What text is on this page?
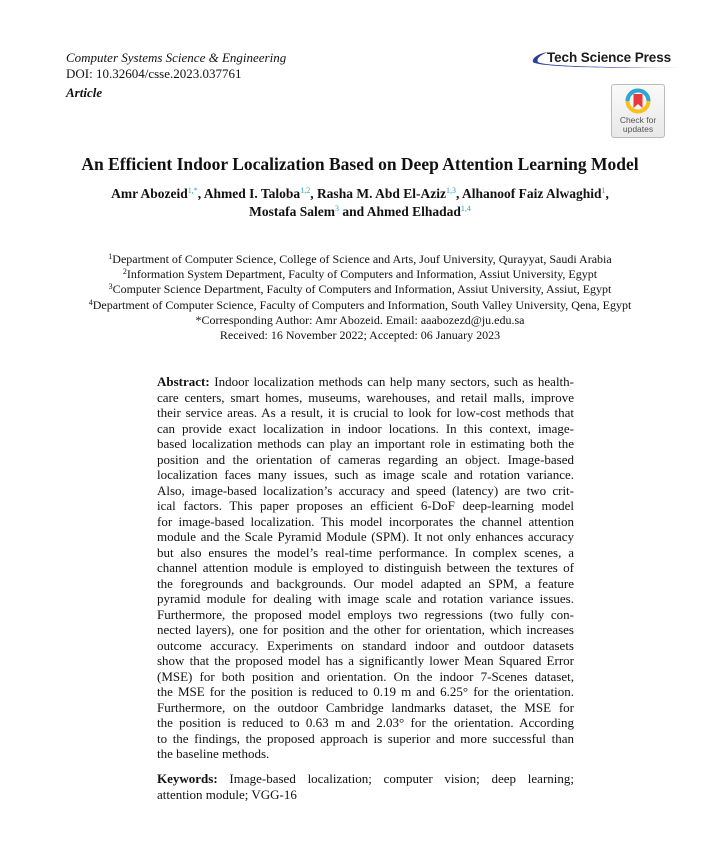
Computer Systems Science & Engineering
DOI: 10.32604/csse.2023.037761
Article
Tech Science Press
Check for
updates
An Efficient Indoor Localization Based on Deep Attention Learning Model
Amr Abozeid$^{1,*}$, Ahmed I. Taloba$^{1,2}$, Rasha M. Abd El-Aziz$^{1,3}$, Alhanoof Faiz Alwaghid$^1$,
Mostafa Salem$^3$ and Ahmed Elhadad$^{1,4}$
$^1$Department of Computer Science, College of Science and Arts, Jouf University, Qurayyat, Saudi Arabia
$^2$Information System Department, Faculty of Computers and Information, Assiut University, Egypt
$^3$Computer Science Department, Faculty of Computers and Information, Assiut University, Assiut, Egypt
$^4$Department of Computer Science, Faculty of Computers and Information, South Valley University, Qena, Egypt
*Corresponding Author: Amr Abozeid. Email: aaabozezd@ju.edu.sa
Received: 16 November 2022; Accepted: 06 January 2023
Abstract: Indoor localization methods can help many sectors, such as health-
care centers, smart homes, museums, warehouses, and retail malls, improve
their service areas. As a result, it is crucial to look for low-cost methods that
can provide exact localization in indoor locations. In this context, image-
based localization methods can play an important role in estimating both the
position and the orientation of cameras regarding an object. Image-based
localization faces many issues, such as image scale and rotation variance.
Also, image-based localization’s accuracy and speed (latency) are two crit-
ical factors. This paper proposes an efficient 6-DoF deep-learning model
for image-based localization. This model incorporates the channel attention
module and the Scale Pyramid Module (SPM). It not only enhances accuracy
but also ensures the model’s real-time performance. In complex scenes, a
channel attention module is employed to distinguish between the textures of
the foregrounds and backgrounds. Our model adapted an SPM, a feature
pyramid module for dealing with image scale and rotation variance issues.
Furthermore, the proposed model employs two regressions (two fully con-
nected layers), one for position and the other for orientation, which increases
outcome accuracy. Experiments on standard indoor and outdoor datasets
show that the proposed model has a significantly lower Mean Squared Error
(MSE) for both position and orientation. On the indoor 7-Scenes dataset,
the MSE for the position is reduced to 0.19 m and 6.25° for the orientation.
Furthermore, on the outdoor Cambridge landmarks dataset, the MSE for
the position is reduced to 0.63 m and 2.03° for the orientation. According
to the findings, the proposed approach is superior and more successful than
the baseline methods.
Keywords: Image-based localization; computer vision; deep learning;
attention module; VGG-16
